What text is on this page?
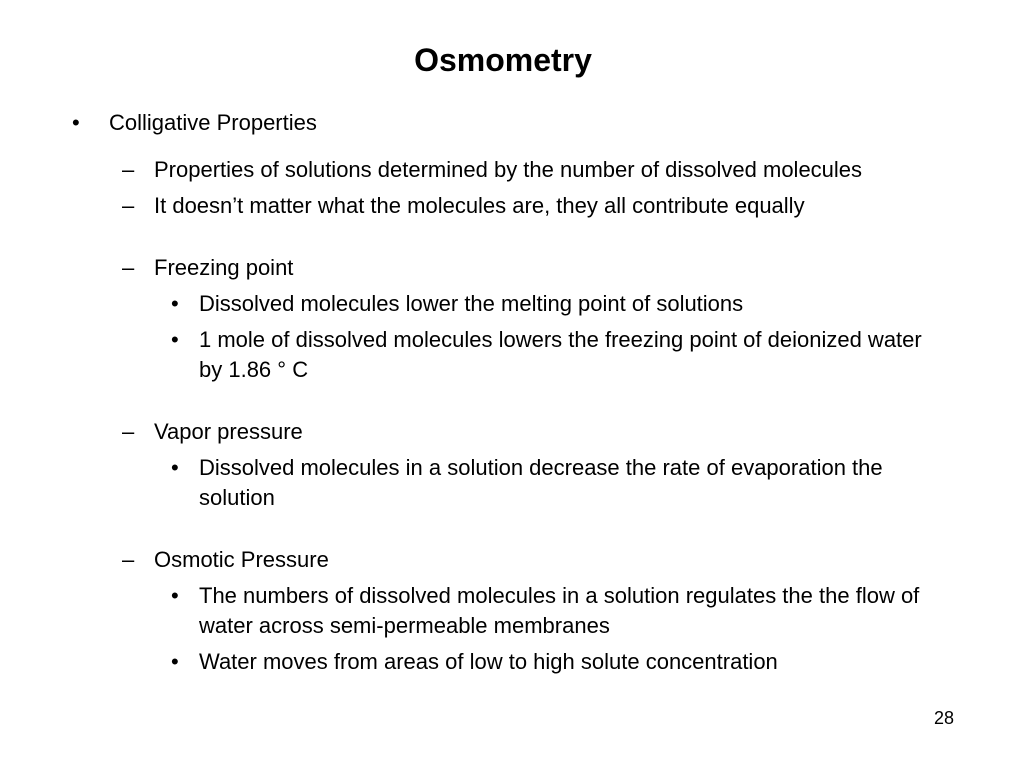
Osmometry
• Colligative Properties
– Properties of solutions determined by the number of dissolved molecules
– It doesn’t matter what the molecules are, they all contribute equally
– Freezing point
• Dissolved molecules lower the melting point of solutions
• 1 mole of dissolved molecules lowers the freezing point of deionized water by 1.86 ° C
– Vapor pressure
• Dissolved molecules in a solution decrease the rate of evaporation the solution
– Osmotic Pressure
• The numbers of dissolved molecules in a solution regulates the the flow of water across semi-permeable membranes
• Water moves from areas of low to high solute concentration
28
